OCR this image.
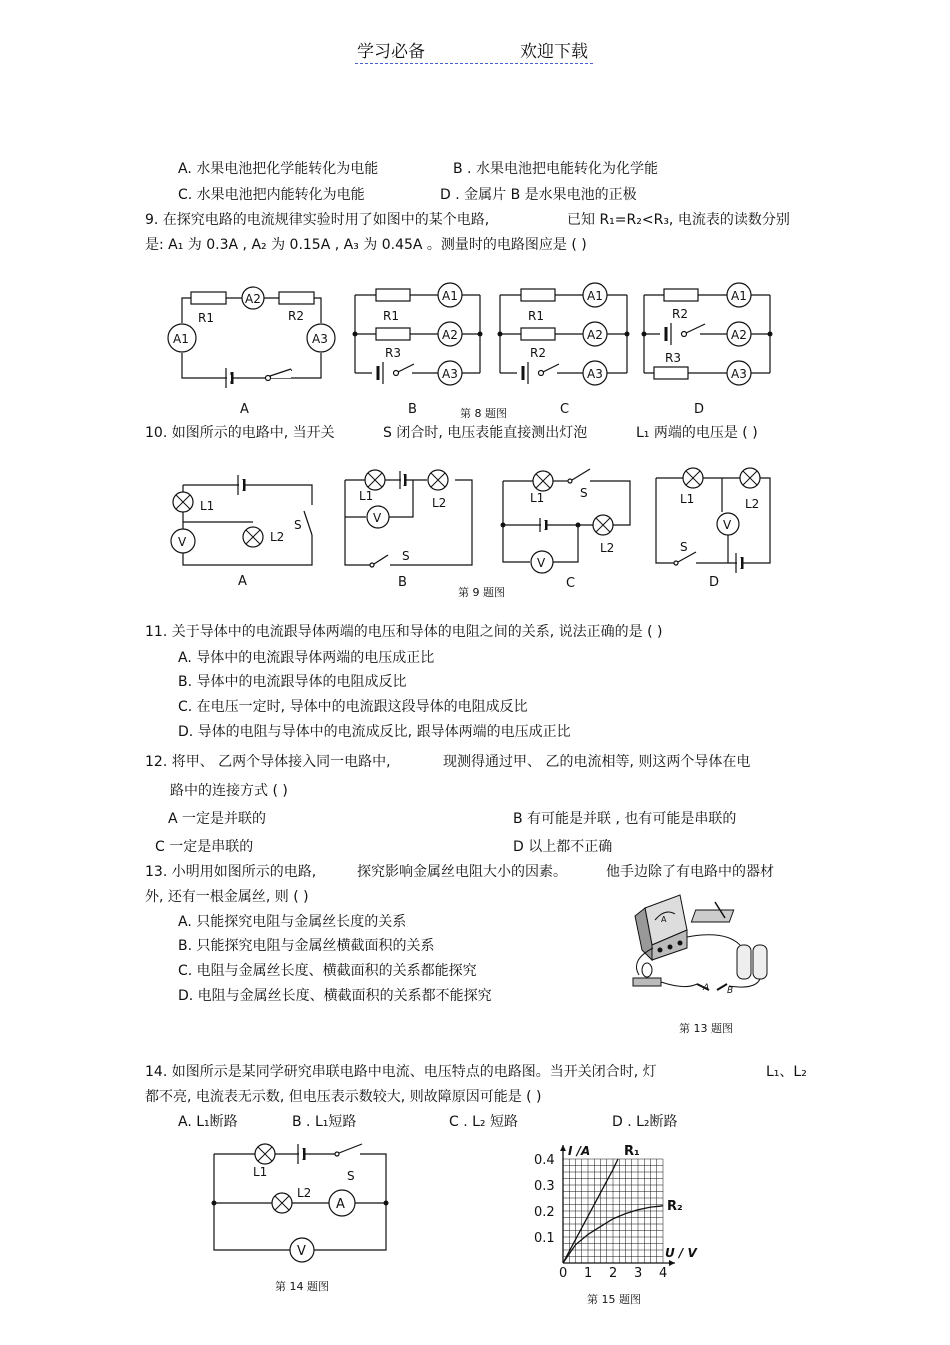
学习必备	欢迎下载
A. 水果电池把化学能转化为电能	B . 水果电池把电能转化为化学能
C. 水果电池把内能转化为电能	D . 金属片 B 是水果电池的正极
9. 在探究电路的电流规律实验时用了如图中的某个电路,	已知 R₁=R₂<R₃, 电流表的读数分别
是: A₁ 为 0.3A , A₂ 为 0.15A , A₃ 为 0.45A 。测量时的电路图应是 ( )
A2
R1	R2
A1	A3
A
A1
R1
A2
R3
A3
B	第 8 题图
A1
R1
A2
R2
A3
C
A1
R2
A2
R3
A3
D
10. 如图所示的电路中, 当开关	S 闭合时, 电压表能直接测出灯泡	L₁ 两端的电压是 ( )
L1
V	L2
S
A
L1	L2
V
S
B
第 9 题图
L1	S
L2
V
C
L1	L2
V
S
D
11. 关于导体中的电流跟导体两端的电压和导体的电阻之间的关系, 说法正确的是 ( )
A. 导体中的电流跟导体两端的电压成正比
B. 导体中的电流跟导体的电阻成反比
C. 在电压一定时, 导体中的电流跟这段导体的电阻成反比
D. 导体的电阻与导体中的电流成反比, 跟导体两端的电压成正比
12. 将甲、 乙两个导体接入同一电路中,	现测得通过甲、 乙的电流相等, 则这两个导体在电
路中的连接方式 ( )
A 一定是并联的	B 有可能是并联 , 也有可能是串联的
C 一定是串联的	D 以上都不正确
13. 小明用如图所示的电路,	探究影响金属丝电阻大小的因素。	他手边除了有电路中的器材
外, 还有一根金属丝, 则 ( )
A. 只能探究电阻与金属丝长度的关系
B. 只能探究电阻与金属丝横截面积的关系
C. 电阻与金属丝长度、横截面积的关系都能探究
D. 电阻与金属丝长度、横截面积的关系都不能探究
A
A B
第 13 题图
14. 如图所示是某同学研究串联电路中电流、电压特点的电路图。当开关闭合时, 灯	L₁、L₂
都不亮, 电流表无示数, 但电压表示数较大, 则故障原因可能是 ( )
A. L₁断路	B . L₁短路	C . L₂ 短路	D . L₂断路
L1	S
L2
A
V
第 14 题图
0 1 2 3 4
0.1
0.2
0.3
0.4
I /A
U / V
R₁
R₂
第 15 题图
